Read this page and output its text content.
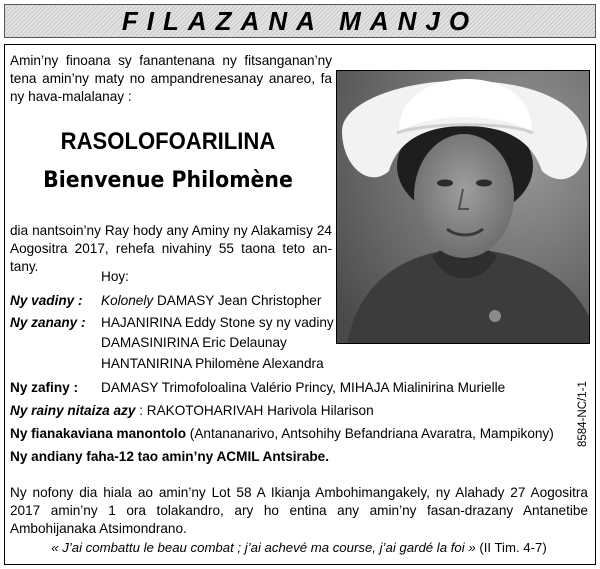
FILAZANA MANJO

Amin’ny finoana sy fanantenana ny fitsanganan’ny tena amin’ny maty no ampandrenesanay anareo, fa ny hava-malalanay :

RASOLOFOARILINA
Bienvenue Philomène

dia nantsoin’ny Ray hody any Aminy ny Alakamisy 24 Aogositra 2017, rehefa nivahiny 55 taona teto an-tany.

Hoy:
Ny vadiny : Kolonely DAMASY Jean Christopher
Ny zanany : HAJANIRINA Eddy Stone sy ny vadiny
DAMASINIRINA Eric Delaunay
HANTANIRINA Philomène Alexandra
Ny zafiny : DAMASY Trimofoloalina Valério Princy, MIHAJA Mialinirina Murielle
Ny rainy nitaiza azy : RAKOTOHARIVAH Harivola Hilarison
Ny fianakaviana manontolo (Antananarivo, Antsohihy Befandriana Avaratra, Mampikony)
Ny andiany faha-12 tao amin’ny ACMIL Antsirabe.
8584-NC/1-1

Ny nofony dia hiala ao amin’ny Lot 58 A Ikianja Ambohimangakely, ny Alahady 27 Aogositra 2017 amin’ny 1 ora tolakandro, ary ho entina any amin’ny fasan-drazany Antanetibe Ambohijanaka Atsimondrano.

« J’ai combattu le beau combat ; j’ai achevé ma course, j’ai gardé la foi » (II Tim. 4-7)
